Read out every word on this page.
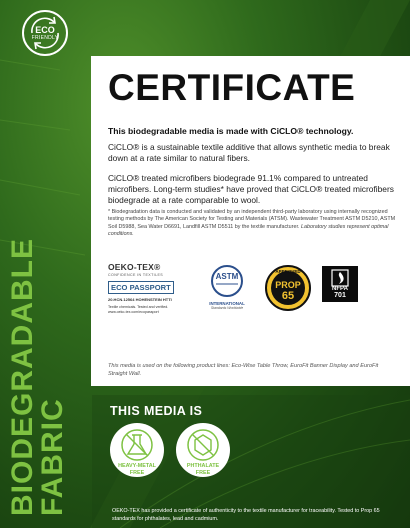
ECO
FRIENDLY
BIODEGRADABLE
FABRIC
CERTIFICATE
This biodegradable media is made with CiCLO® technology.
CiCLO® is a sustainable textile additive that allows synthetic media to break down at a rate similar to natural fibers.
CiCLO® treated microfibers biodegrade 91.1% compared to untreated microfibers. Long-term studies* have proved that CiCLO® treated microfibers biodegrade at a rate comparable to wool.
* Biodegradation data is conducted and validated by an independent third-party laboratory using internally recognized testing methods by The American Society for Testing and Materials (ATSM). Wastewater Treatment ASTM D5210, ASTM Soil D5988, Sea Water D6691, Landfill ASTM D5511 by the textile manufacturer. Laboratory studies represent optimal conditions.
OEKO-TEX®
CONFIDENCE IN TEXTILES
ECO PASSPORT
20.HCN.12564 HOHENSTEIN HTTI
Textile chemicals. Tested and verified.
www.oeko-tex.com/ecopassport
ASTM
INTERNATIONAL
Standards Worldwide
APPROVED
PROP
65
NFPA
701
This media is used on the following product lines: Eco-Wise Table Throw, EuroFit Banner Display and EuroFit Straight Wall.
THIS MEDIA IS
HEAVY-METAL
FREE
PHTHALATE
FREE
OEKO-TEX has provided a certificate of authenticity to the textile manufacturer for traceability. Tested to Prop 65 standards for phthalates, lead and cadmium.
